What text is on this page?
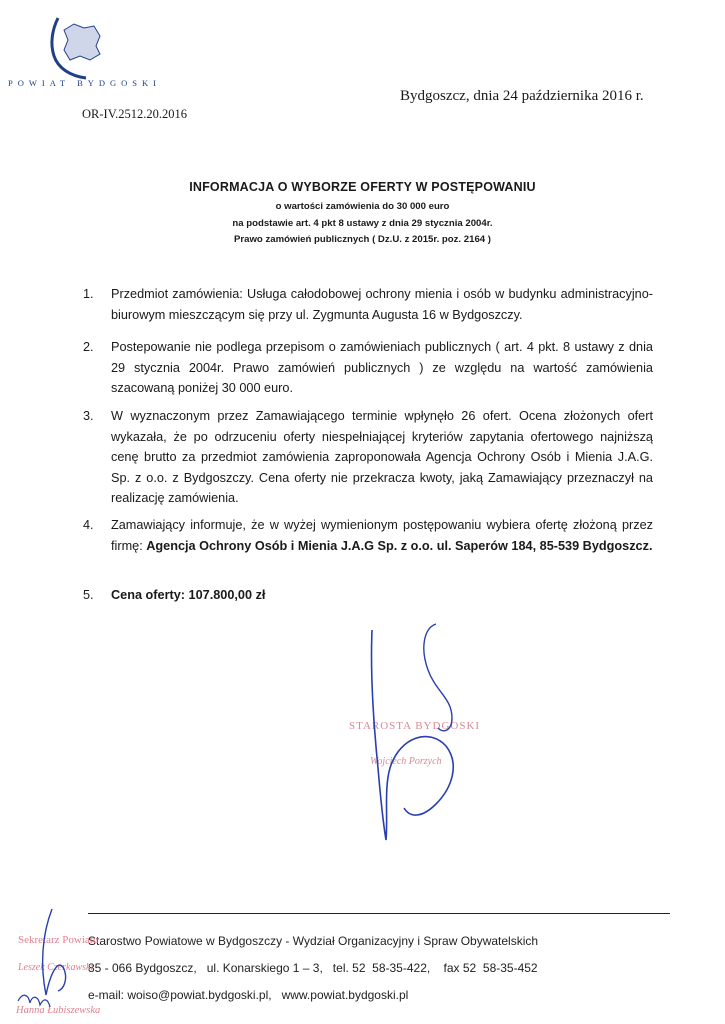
POWIAT BYDGOSKI
Bydgoszcz, dnia 24 października 2016 r.
OR-IV.2512.20.2016
INFORMACJA O WYBORZE OFERTY W POSTĘPOWANIU
o wartości zamówienia do 30 000 euro
na podstawie art. 4 pkt 8 ustawy z dnia 29 stycznia 2004r.
Prawo zamówień publicznych ( Dz.U. z 2015r. poz. 2164 )
1. Przedmiot zamówienia: Usługa całodobowej ochrony mienia i osób w budynku administracyjno-biurowym mieszczącym się przy ul. Zygmunta Augusta 16 w Bydgoszczy.
2. Postepowanie nie podlega przepisom o zamówieniach publicznych ( art. 4 pkt. 8 ustawy z dnia 29 stycznia 2004r. Prawo zamówień publicznych ) ze względu na wartość zamówienia szacowaną poniżej 30 000 euro.
3. W wyznaczonym przez Zamawiającego terminie wpłynęło 26 ofert. Ocena złożonych ofert wykazała, że po odrzuceniu oferty niespełniającej kryteriów zapytania ofertowego najniższą cenę brutto za przedmiot zamówienia zaproponowała Agencja Ochrony Osób i Mienia J.A.G. Sp. z o.o. z Bydgoszczy. Cena oferty nie przekracza kwoty, jaką Zamawiający przeznaczył na realizację zamówienia.
4. Zamawiający informuje, że w wyżej wymienionym postępowaniu wybiera ofertę złożoną przez firmę: Agencja Ochrony Osób i Mienia J.A.G Sp. z o.o. ul. Saperów 184, 85-539 Bydgoszcz.
5. Cena oferty: 107.800,00 zł
STAROSTA BYDGOSKI
Wojciech Porzych
Starostwo Powiatowe w Bydgoszczy - Wydział Organizacyjny i Spraw Obywatelskich
85 - 066 Bydgoszcz,   ul. Konarskiego 1 – 3,   tel. 52  58-35-422,    fax 52  58-35-452
e-mail: woiso@powiat.bydgoski.pl,   www.powiat.bydgoski.pl
Sekretarz Powiatu
Leszek Czerkawski
Hanna Łubiszewska
